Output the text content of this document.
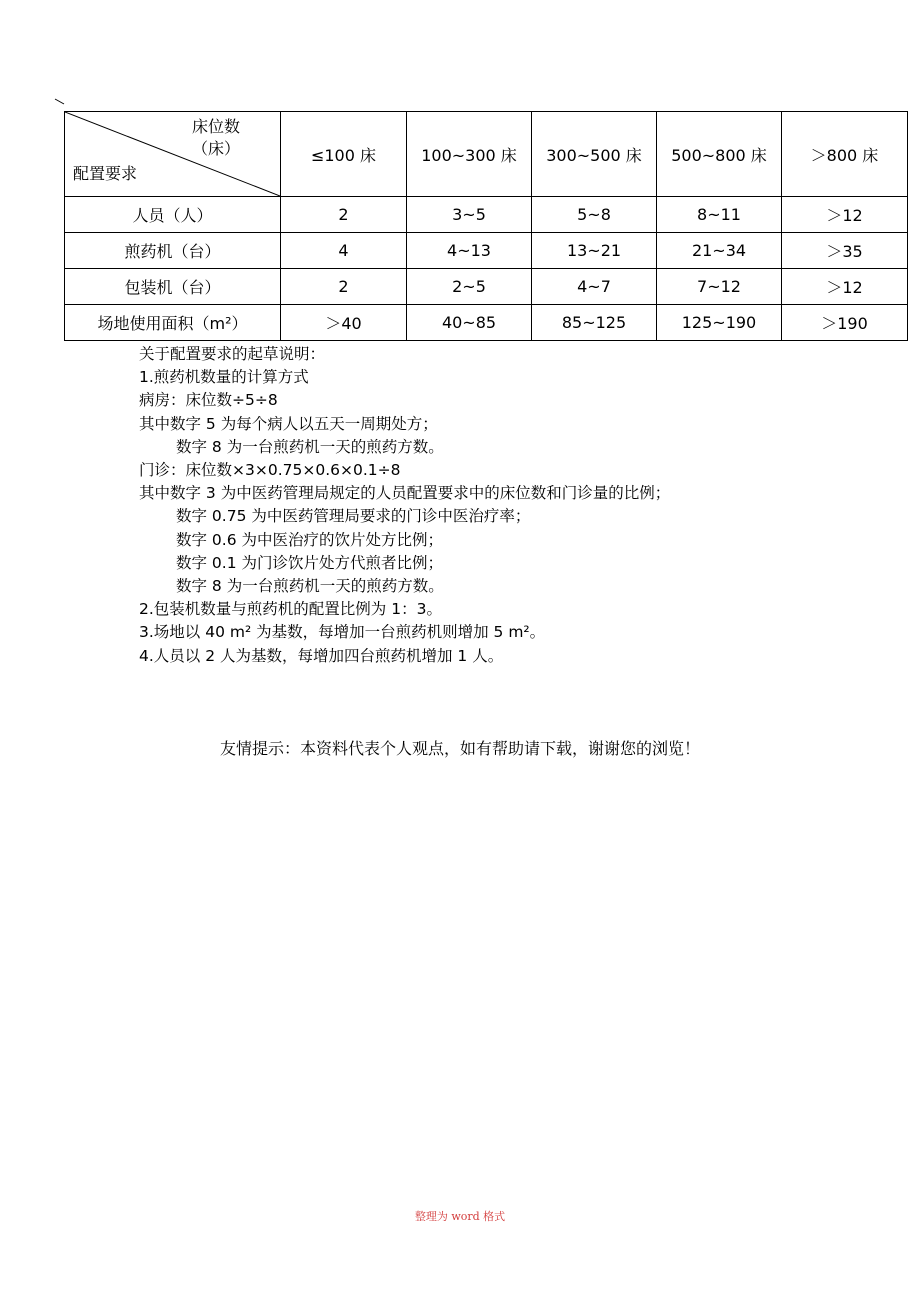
床位数
（床）
配置要求	≤100 床	100~300 床	300~500 床	500~800 床	＞800 床
人员（人）	2	3~5	5~8	8~11	＞12
煎药机（台）	4	4~13	13~21	21~34	＞35
包装机（台）	2	2~5	4~7	7~12	＞12
场地使用面积（m²）	＞40	40~85	85~125	125~190	＞190
关于配置要求的起草说明：
1.煎药机数量的计算方式
病房：床位数÷5÷8
其中数字 5 为每个病人以五天一周期处方；
数字 8 为一台煎药机一天的煎药方数。
门诊：床位数×3×0.75×0.6×0.1÷8
其中数字 3 为中医药管理局规定的人员配置要求中的床位数和门诊量的比例；
数字 0.75 为中医药管理局要求的门诊中医治疗率；
数字 0.6 为中医治疗的饮片处方比例；
数字 0.1 为门诊饮片处方代煎者比例；
数字 8 为一台煎药机一天的煎药方数。
2.包装机数量与煎药机的配置比例为 1：3。
3.场地以 40 m² 为基数，每增加一台煎药机则增加 5 m²。
4.人员以 2 人为基数，每增加四台煎药机增加 1 人。
友情提示：本资料代表个人观点，如有帮助请下载，谢谢您的浏览！
整理为 word 格式
